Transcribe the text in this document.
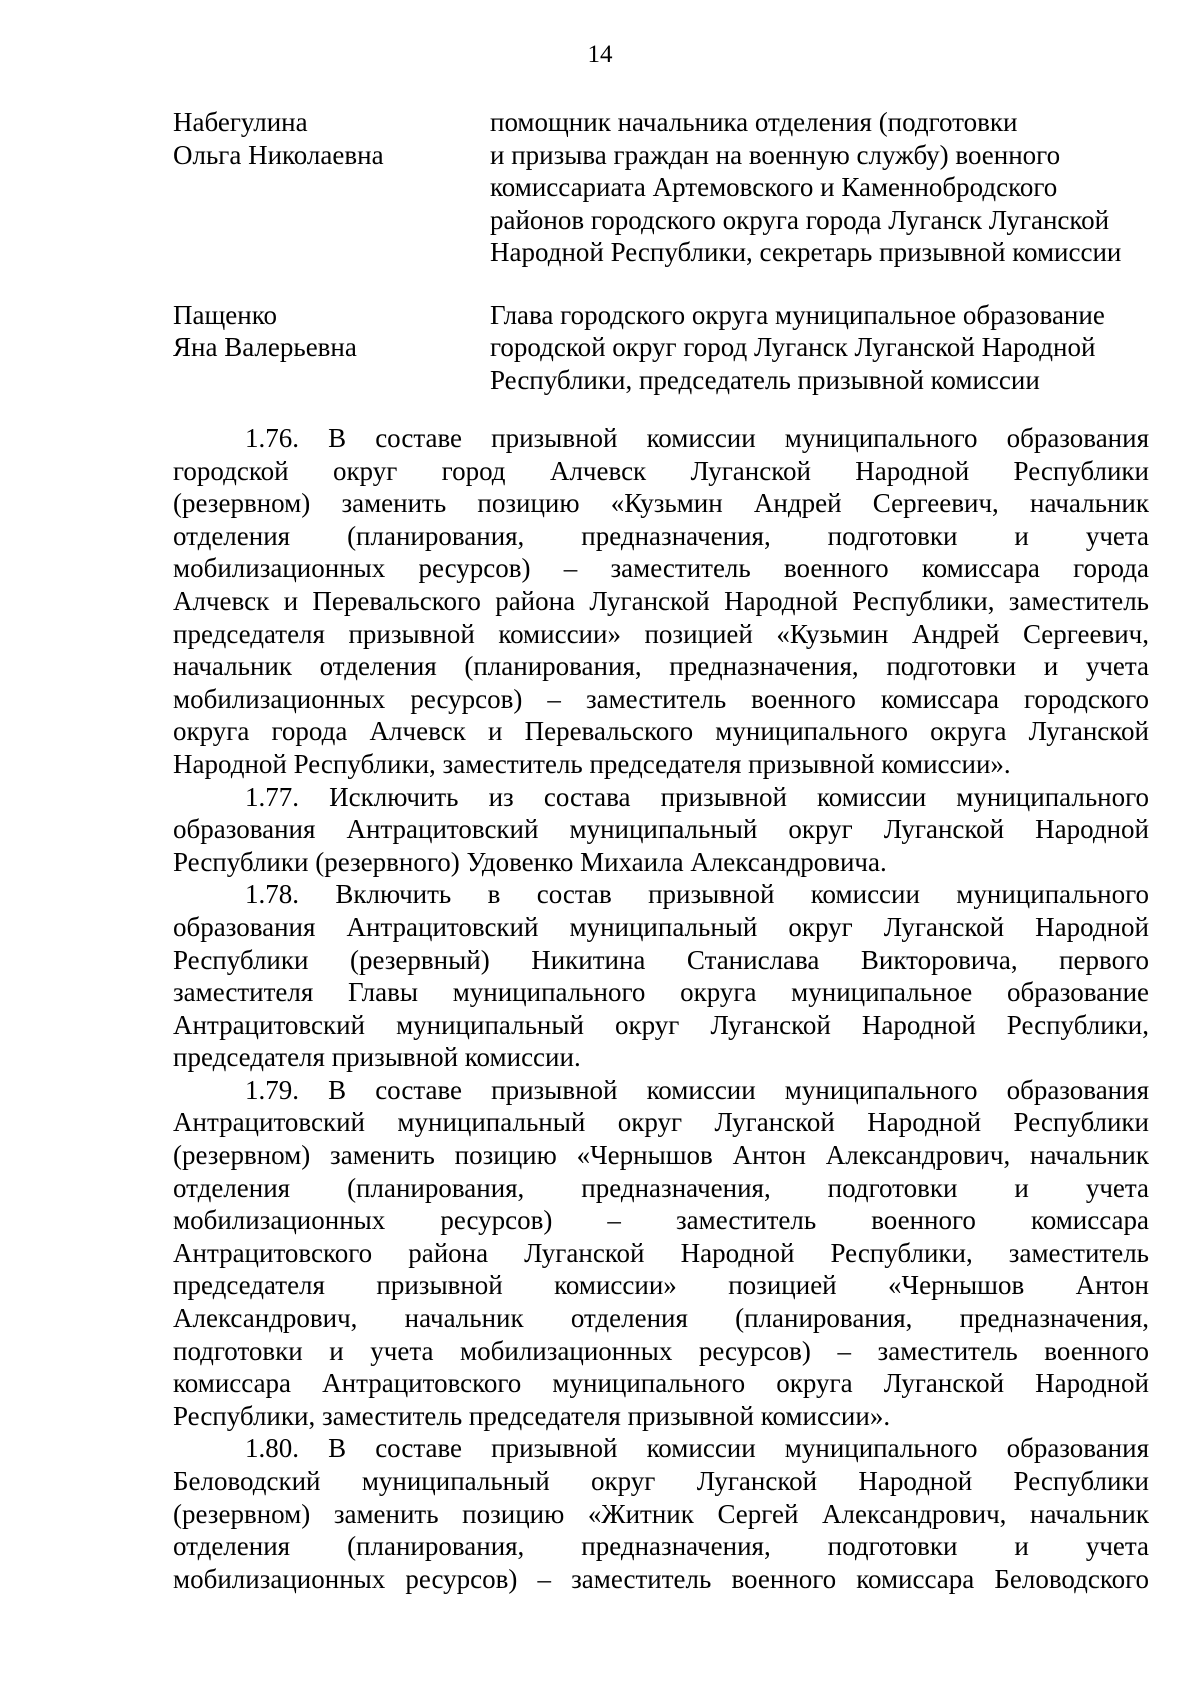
14
Набегулина
Ольга Николаевна
помощник начальника отделения (подготовки
и призыва граждан на военную службу) военного
комиссариата Артемовского и Каменнобродского
районов городского округа города Луганск Луганской
Народной Республики, секретарь призывной комиссии
Пащенко
Яна Валерьевна
Глава городского округа муниципальное образование
городской округ город Луганск Луганской Народной
Республики, председатель призывной комиссии
1.76. В составе призывной комиссии муниципального образования
городской округ город Алчевск Луганской Народной Республики
(резервном) заменить позицию «Кузьмин Андрей Сергеевич, начальник
отделения (планирования, предназначения, подготовки и учета
мобилизационных ресурсов) – заместитель военного комиссара города
Алчевск и Перевальского района Луганской Народной Республики, заместитель
председателя призывной комиссии» позицией «Кузьмин Андрей Сергеевич,
начальник отделения (планирования, предназначения, подготовки и учета
мобилизационных ресурсов) – заместитель военного комиссара городского
округа города Алчевск и Перевальского муниципального округа Луганской
Народной Республики, заместитель председателя призывной комиссии».
1.77. Исключить из состава призывной комиссии муниципального
образования Антрацитовский муниципальный округ Луганской Народной
Республики (резервного) Удовенко Михаила Александровича.
1.78. Включить в состав призывной комиссии муниципального
образования Антрацитовский муниципальный округ Луганской Народной
Республики (резервный) Никитина Станислава Викторовича, первого
заместителя Главы муниципального округа муниципальное образование
Антрацитовский муниципальный округ Луганской Народной Республики,
председателя призывной комиссии.
1.79. В составе призывной комиссии муниципального образования
Антрацитовский муниципальный округ Луганской Народной Республики
(резервном) заменить позицию «Чернышов Антон Александрович, начальник
отделения (планирования, предназначения, подготовки и учета
мобилизационных ресурсов) – заместитель военного комиссара
Антрацитовского района Луганской Народной Республики, заместитель
председателя призывной комиссии» позицией «Чернышов Антон
Александрович, начальник отделения (планирования, предназначения,
подготовки и учета мобилизационных ресурсов) – заместитель военного
комиссара Антрацитовского муниципального округа Луганской Народной
Республики, заместитель председателя призывной комиссии».
1.80. В составе призывной комиссии муниципального образования
Беловодский муниципальный округ Луганской Народной Республики
(резервном) заменить позицию «Житник Сергей Александрович, начальник
отделения (планирования, предназначения, подготовки и учета
мобилизационных ресурсов) – заместитель военного комиссара Беловодского
